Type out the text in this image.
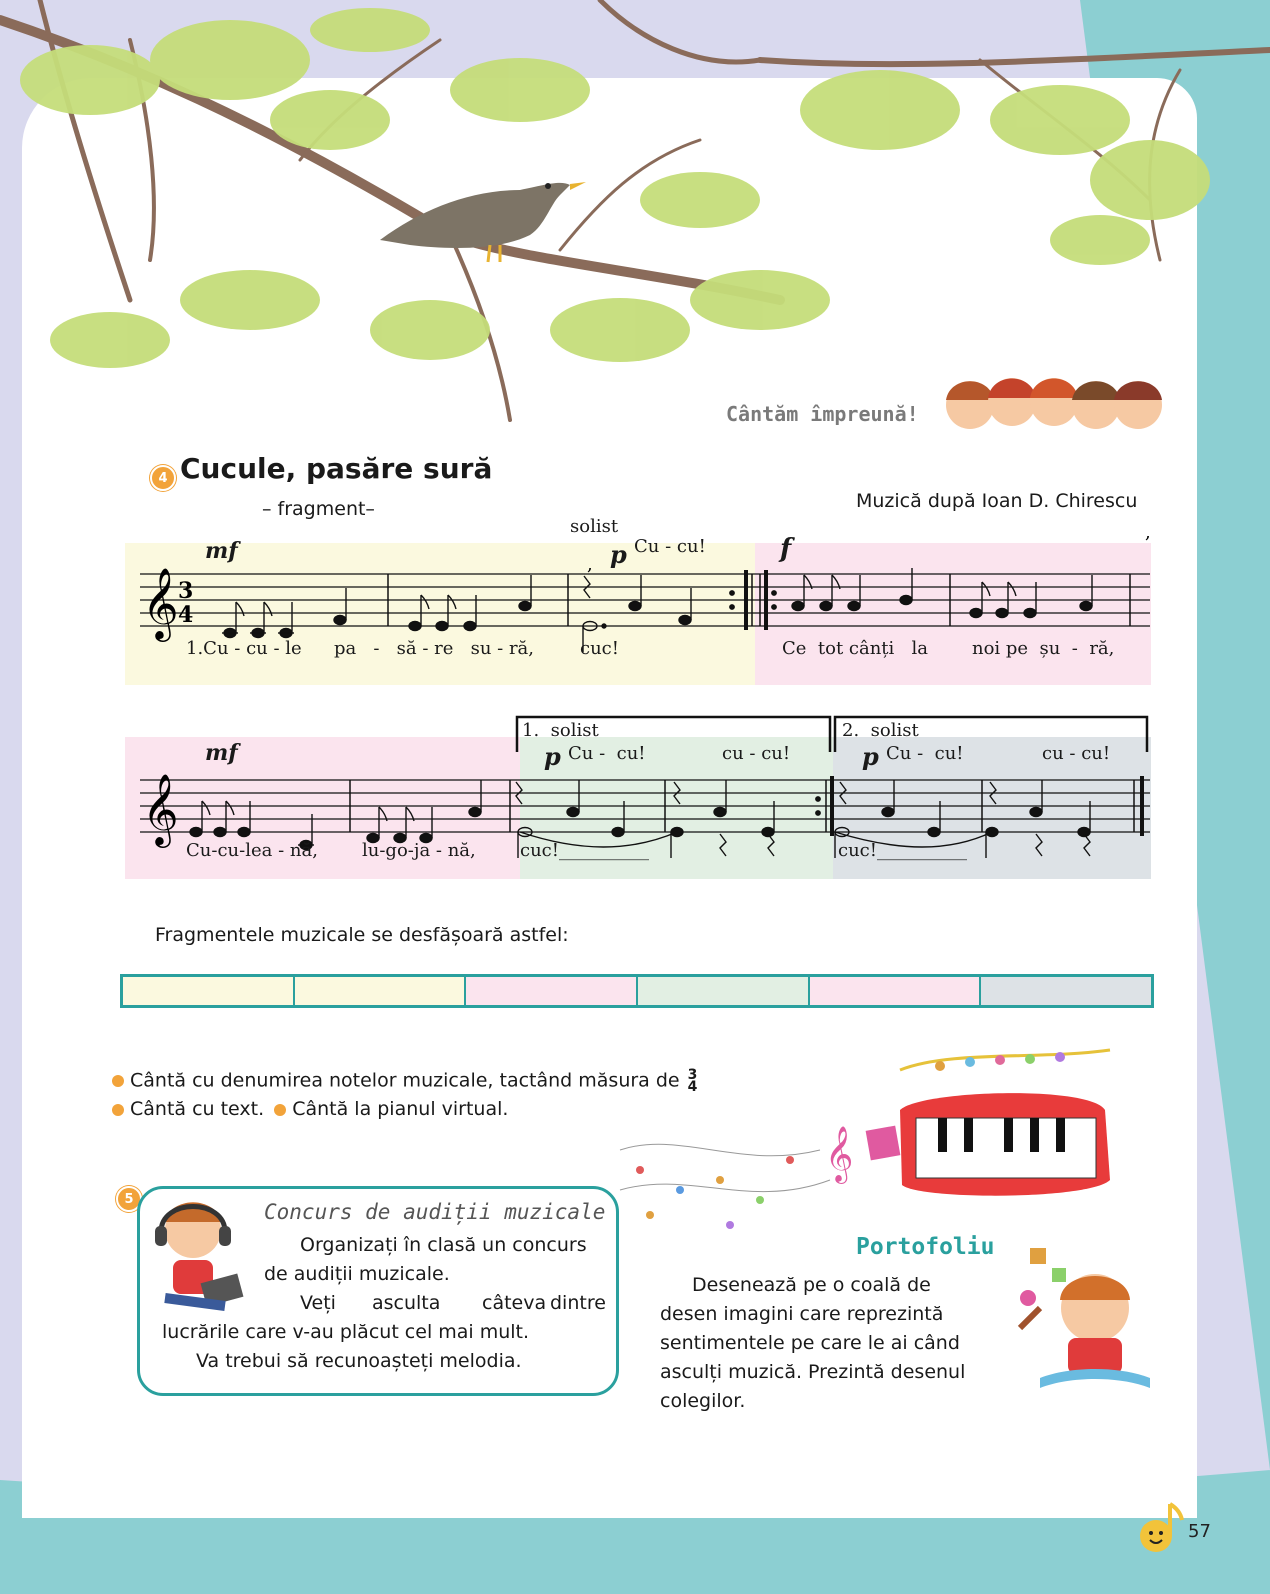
Cântăm împreună!
4 Cucule, pasăre sură
– fragment–	Muzică după Ioan D. Chirescu
𝄞 3
4
,
,
mf
solist
p Cu - cu!	f
1.Cu - cu - le pa   -   să - re   su - ră,	cuc!	Ce  tot cânți   la noi pe  șu  -  ră,
1.  solist	2.  solist
𝄞
mf	p Cu -  cu!	cu - cu!	p Cu -  cu!	cu - cu!
Cu-cu-lea - nă, lu-go-ja - nă, cuc!__________	cuc!__________
Fragmentele muzicale se desfășoară astfel:
Cântă cu denumirea notelor muzicale, tactând măsura de 3
4
Cântă cu text. Cântă la pianul virtual.
𝄞
5
Concurs de audiții muzicale
Organizați în clasă un concurs
de audiții muzicale.
Veți asculta câteva dintre
lucrările care v-au plăcut cel mai mult.
Va trebui să recunoașteți melodia.
Portofoliu
Desenează pe o coală de
desen imagini care reprezintă
sentimentele pe care le ai când
asculți muzică. Prezintă desenul
colegilor.
57
